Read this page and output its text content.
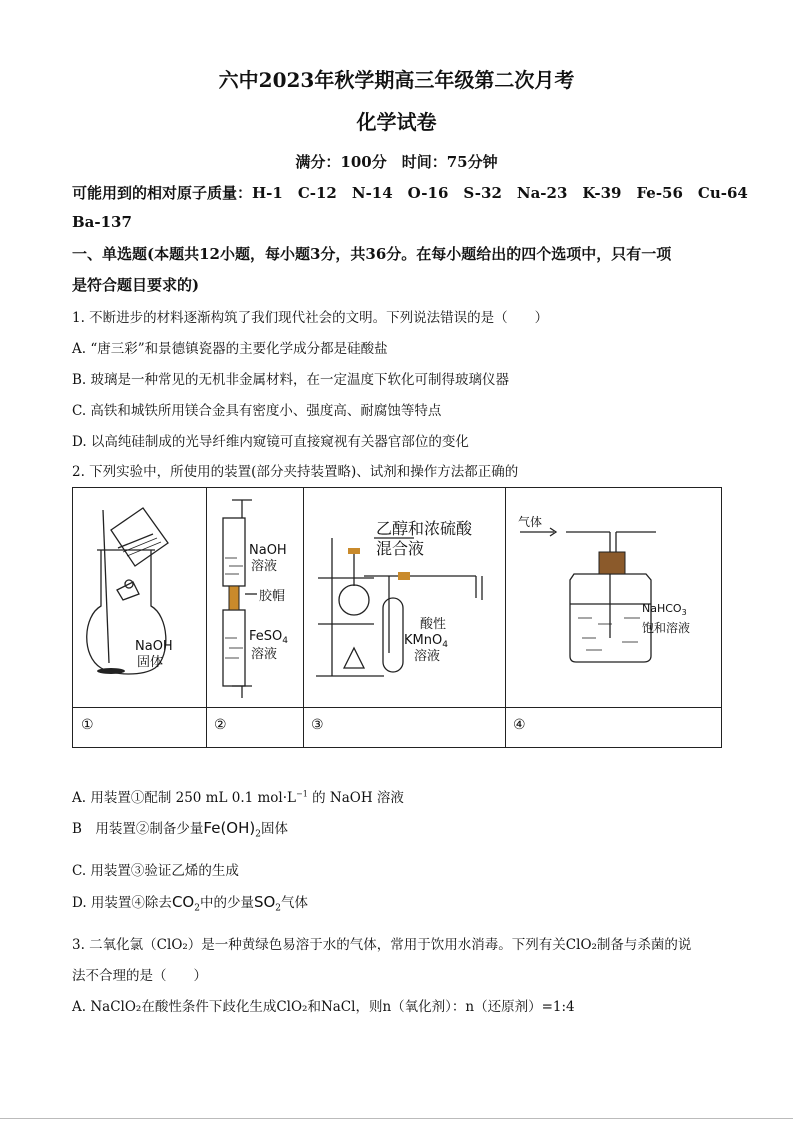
六中2023年秋学期高三年级第二次月考
化学试卷
满分：100分　时间：75分钟
可能用到的相对原子质量：H-1　C-12　N-14　O-16　S-32　Na-23　K-39　Fe-56　Cu-64
Ba-137
一、单选题(本题共12小题，每小题3分，共36分。在每小题给出的四个选项中，只有一项
是符合题目要求的)
1. 不断进步的材料逐渐构筑了我们现代社会的文明。下列说法错误的是（　　）
A. “唐三彩”和景德镇瓷器的主要化学成分都是硅酸盐
B. 玻璃是一种常见的无机非金属材料，在一定温度下软化可制得玻璃仪器
C. 高铁和城铁所用镁合金具有密度小、强度高、耐腐蚀等特点
D. 以高纯硅制成的光导纤维内窥镜可直接窥视有关器官部位的变化
2. 下列实验中，所使用的装置(部分夹持装置略)、试剂和操作方法都正确的
①	②	③	④
NaOH
固体
NaOH
溶液
胶帽
FeSO$_4$
溶液
乙醇和浓硫酸
混合液
酸性
KMnO$_4$
溶液
气体
NaHCO$_3$
饱和溶液
A. 用装置①配制 250 mL 0.1 $mol\cdot L^{-1}$ 的 NaOH 溶液
B　用装置②制备少量$Fe(OH)_2$固体
C. 用装置③验证乙烯的生成
D. 用装置④除去$CO_2$中的少量$SO_2$气体
3. 二氧化氯（ClO₂）是一种黄绿色易溶于水的气体，常用于饮用水消毒。下列有关ClO₂制备与杀菌的说
法不合理的是（　　）
A. NaClO₂在酸性条件下歧化生成ClO₂和NaCl，则n（氧化剂）：n（还原剂）=1:4
